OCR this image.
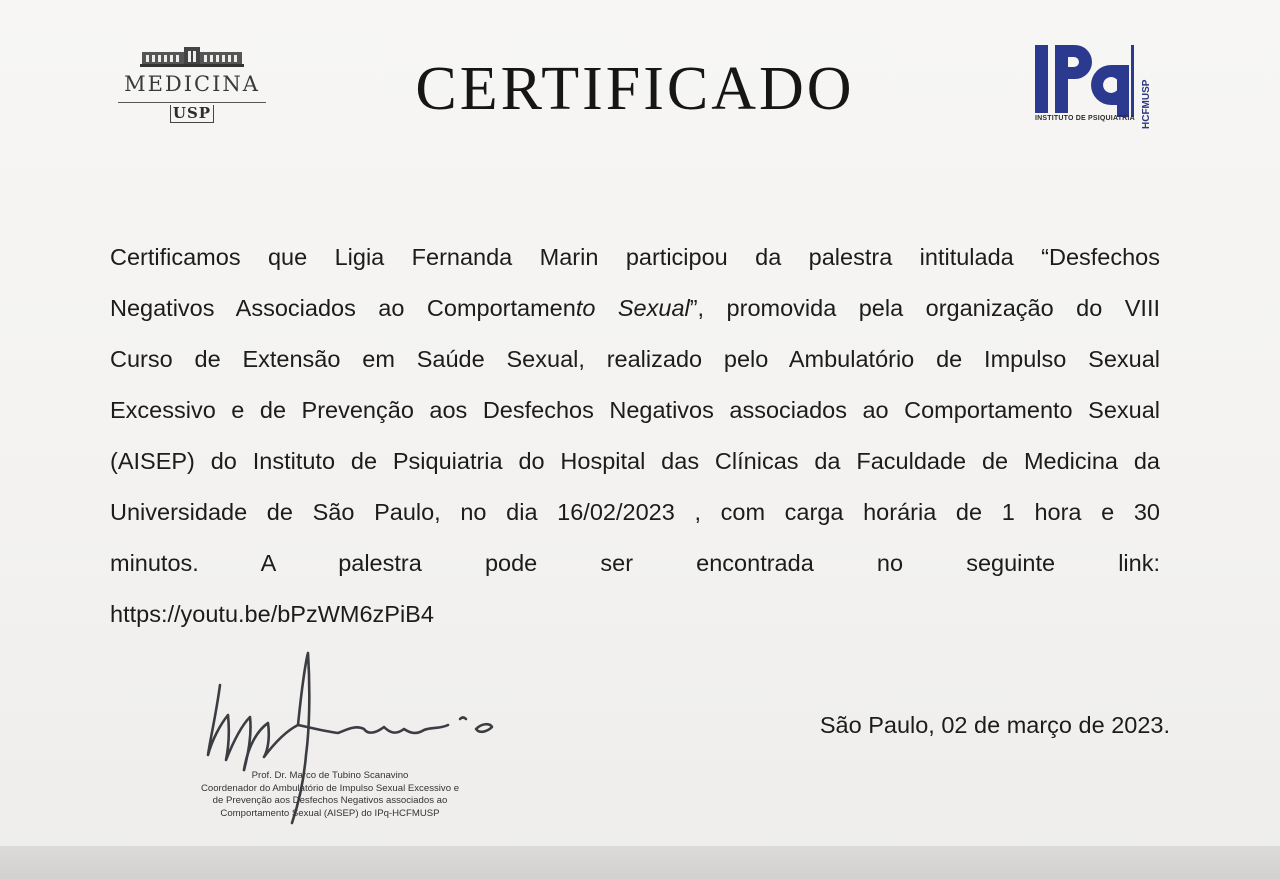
MEDICINA
USP	CERTIFICADO	INSTITUTO DE PSIQUIATRIA HCFMUSP
Certificamos que Ligia Fernanda Marin participou da palestra intitulada “Desfechos
Negativos Associados ao Comportamento Sexual”, promovida pela organização do VIII
Curso de Extensão em Saúde Sexual, realizado pelo Ambulatório de Impulso Sexual
Excessivo e de Prevenção aos Desfechos Negativos associados ao Comportamento Sexual
(AISEP) do Instituto de Psiquiatria do Hospital das Clínicas da Faculdade de Medicina da
Universidade de São Paulo, no dia 16/02/2023 , com carga horária de 1 hora e 30
minutos. A palestra pode ser encontrada no seguinte link:
https://youtu.be/bPzWM6zPiB4
São Paulo, 02 de março de 2023.
Prof. Dr. Marco de Tubino Scanavino
Coordenador do Ambulatório de Impulso Sexual Excessivo e
de Prevenção aos Desfechos Negativos associados ao
Comportamento Sexual (AISEP) do IPq-HCFMUSP
